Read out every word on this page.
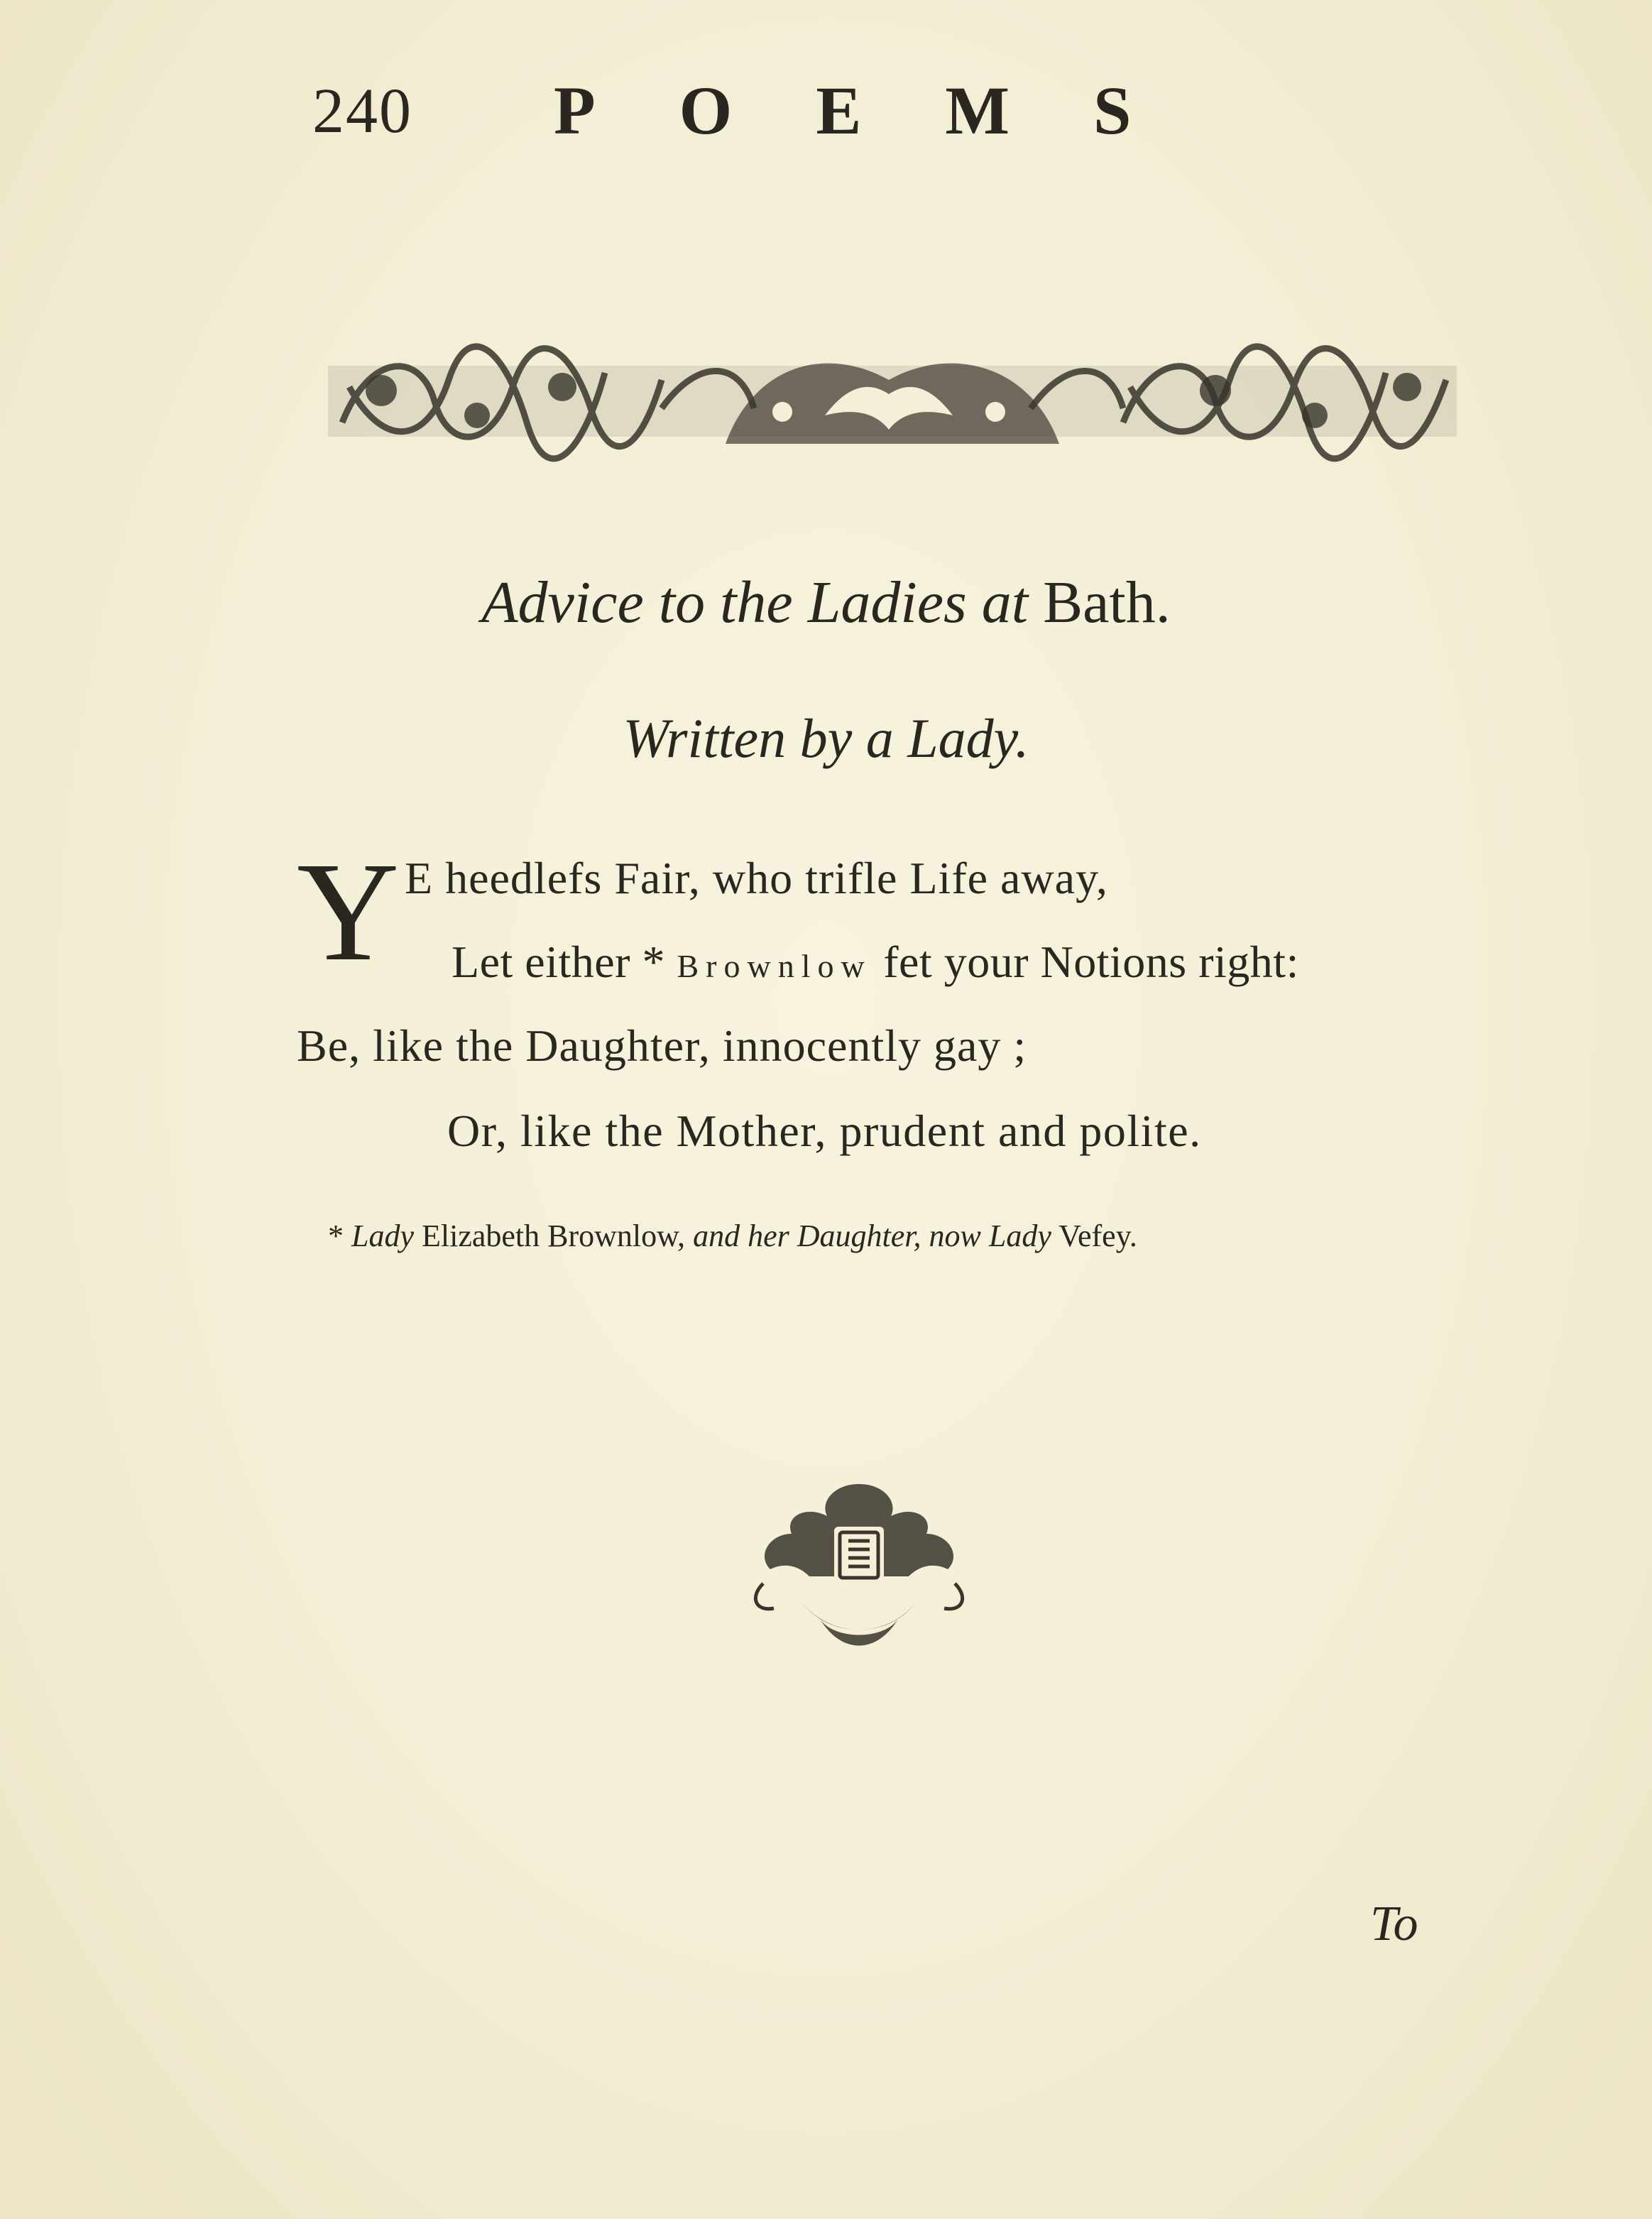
240 POEMS
Advice to the Ladies at Bath.
Written by a Lady.
Y E heedlefs Fair, who trifle Life away,
Let either * Brownlow fet your Notions right:
Be, like the Daughter, innocently gay ;
Or, like the Mother, prudent and polite.
* Lady Elizabeth Brownlow, and her Daughter, now Lady Vefey.
To
